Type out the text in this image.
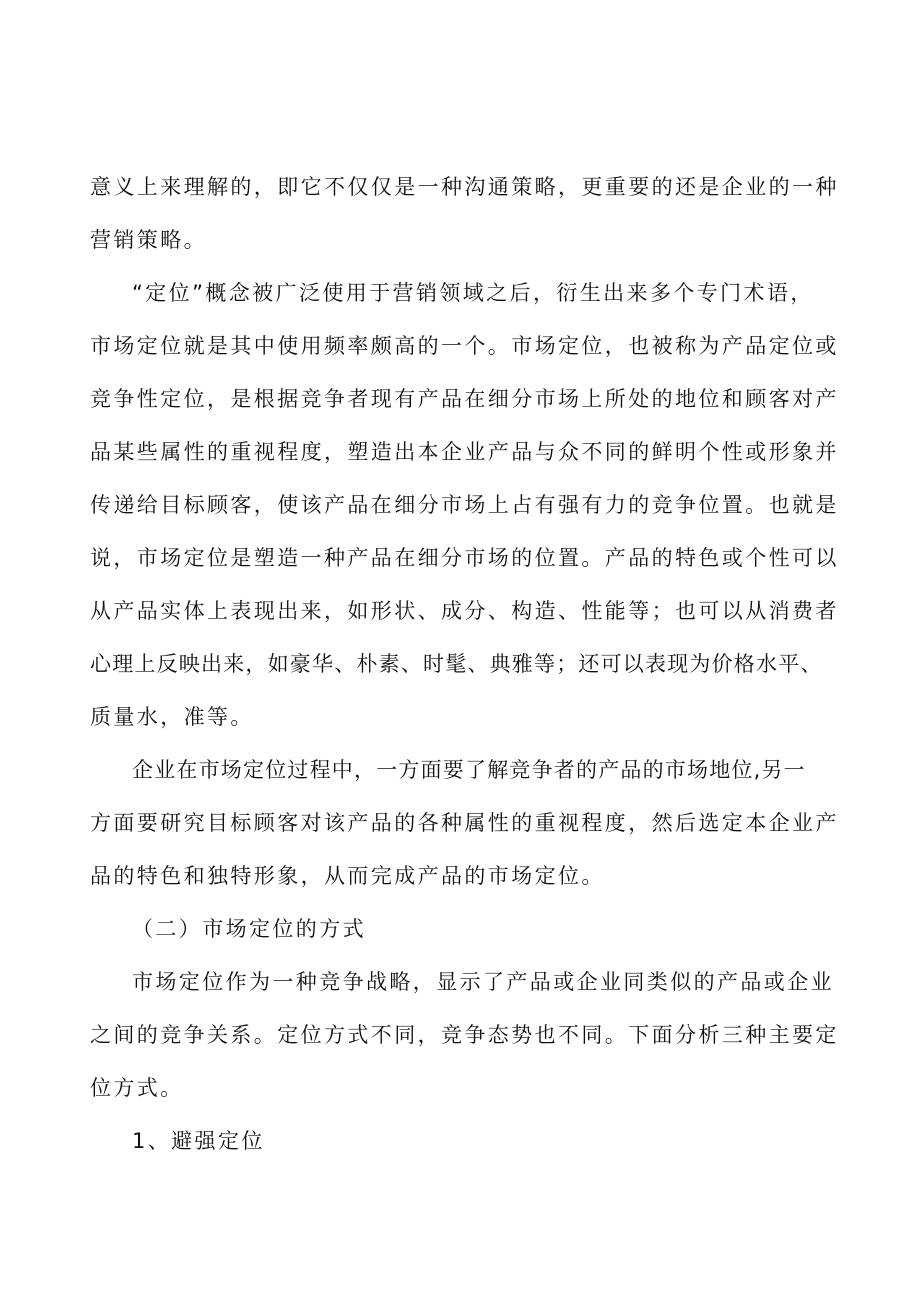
意义上来理解的，即它不仅仅是一种沟通策略，更重要的还是企业的一种
营销策略。
“定位”概念被广泛使用于营销领域之后，衍生出来多个专门术语，
市场定位就是其中使用频率颇高的一个。市场定位，也被称为产品定位或
竞争性定位，是根据竞争者现有产品在细分市场上所处的地位和顾客对产
品某些属性的重视程度，塑造出本企业产品与众不同的鲜明个性或形象并
传递给目标顾客，使该产品在细分市场上占有强有力的竞争位置。也就是
说，市场定位是塑造一种产品在细分市场的位置。产品的特色或个性可以
从产品实体上表现出来，如形状、成分、构造、性能等；也可以从消费者
心理上反映出来，如豪华、朴素、时髦、典雅等；还可以表现为价格水平、
质量水，准等。
企业在市场定位过程中，一方面要了解竞争者的产品的市场地位,另一
方面要研究目标顾客对该产品的各种属性的重视程度，然后选定本企业产
品的特色和独特形象，从而完成产品的市场定位。
（二）市场定位的方式
市场定位作为一种竞争战略，显示了产品或企业同类似的产品或企业
之间的竞争关系。定位方式不同，竞争态势也不同。下面分析三种主要定
位方式。
1、避强定位
